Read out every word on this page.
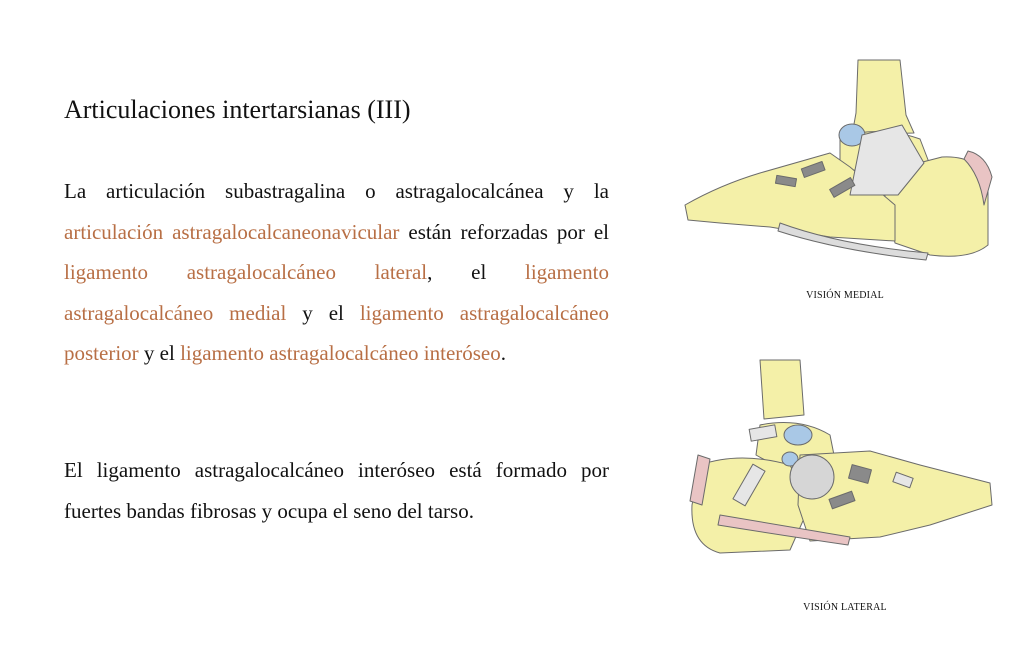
Articulaciones intertarsianas (III)
La articulación subastragalina o astragalocalcánea y la articulación astragalocalcaneonavicular están reforzadas por el ligamento astragalocalcáneo lateral, el ligamento astragalocalcáneo medial y el ligamento astragalocalcáneo posterior y el ligamento astragalocalcáneo interóseo.
El ligamento astragalocalcáneo interóseo está formado por fuertes bandas fibrosas y ocupa el seno del tarso.
VISIÓN MEDIAL
VISIÓN LATERAL
